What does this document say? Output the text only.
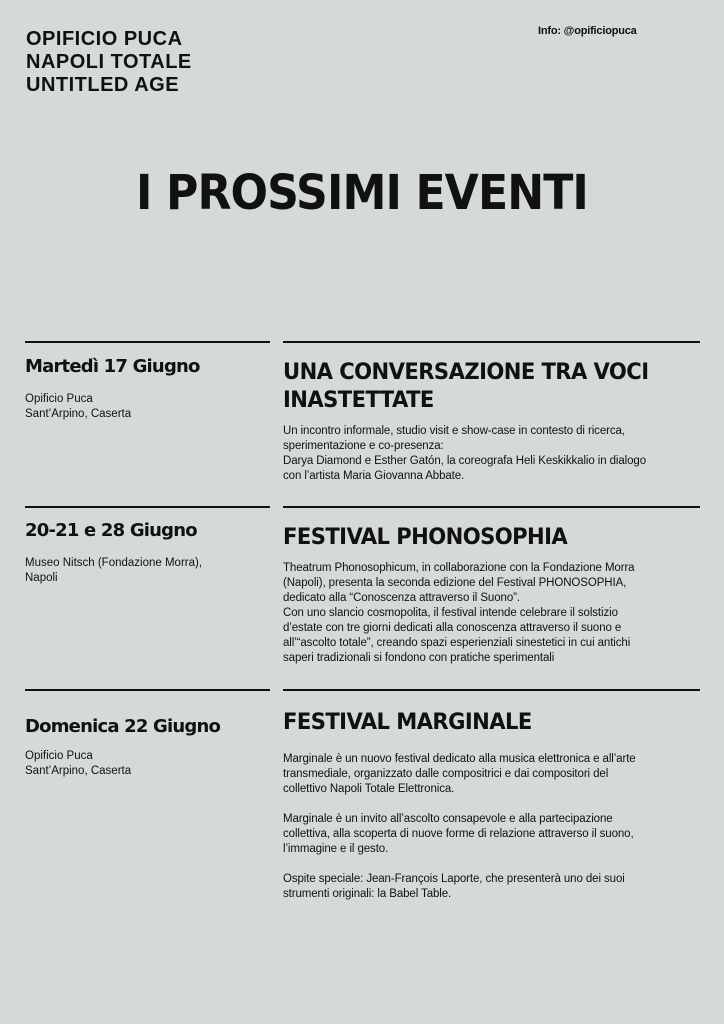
OPIFICIO PUCA
NAPOLI TOTALE
UNTITLED AGE
Info: @opificiopuca
I PROSSIMI EVENTI
Martedì 17 Giugno
Opificio Puca
Sant’Arpino, Caserta
UNA CONVERSAZIONE TRA VOCI
INASTETTATE
Un incontro informale, studio visit e show-case in contesto di ricerca,
sperimentazione e co-presenza:
Darya Diamond e Esther Gatón, la coreografa Heli Keskikkalio in dialogo
con l’artista Maria Giovanna Abbate.
20-21 e 28 Giugno
Museo Nitsch (Fondazione Morra),
Napoli
FESTIVAL PHONOSOPHIA
Theatrum Phonosophicum, in collaborazione con la Fondazione Morra
(Napoli), presenta la seconda edizione del Festival PHONOSOPHIA,
dedicato alla “Conoscenza attraverso il Suono”.
Con uno slancio cosmopolita, il festival intende celebrare il solstizio
d’estate con tre giorni dedicati alla conoscenza attraverso il suono e
all’“ascolto totale”, creando spazi esperienziali sinestetici in cui antichi
saperi tradizionali si fondono con pratiche sperimentali
Domenica 22 Giugno
Opificio Puca
Sant’Arpino, Caserta
FESTIVAL MARGINALE
Marginale è un nuovo festival dedicato alla musica elettronica e all’arte
transmediale, organizzato dalle compositrici e dai compositori del
collettivo Napoli Totale Elettronica.
Marginale è un invito all’ascolto consapevole e alla partecipazione
collettiva, alla scoperta di nuove forme di relazione attraverso il suono,
l’immagine e il gesto.
Ospite speciale: Jean-François Laporte, che presenterà uno dei suoi
strumenti originali: la Babel Table.
